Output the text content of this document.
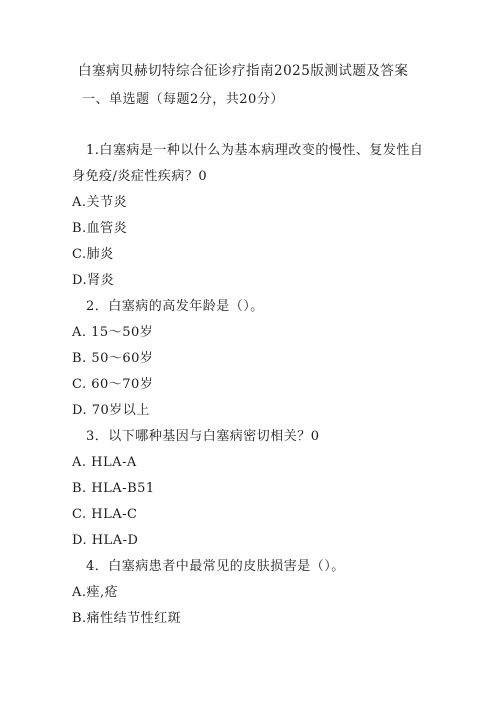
白塞病贝赫切特综合征诊疗指南2025版测试题及答案
一、单选题（每题2分，共20分）
1.白塞病是一种以什么为基本病理改变的慢性、复发性自
身免疫/炎症性疾病？0
A.关节炎
B.血管炎
C.肺炎
D.肾炎
2．白塞病的高发年龄是（）。
A. 15～50岁
B. 50～60岁
C. 60～70岁
D. 70岁以上
3．以下哪种基因与白塞病密切相关？0
A. HLA-A
B. HLA-B51
C. HLA-C
D. HLA-D
4．白塞病患者中最常见的皮肤损害是（）。
A.痤,疮
B.痛性结节性红斑
